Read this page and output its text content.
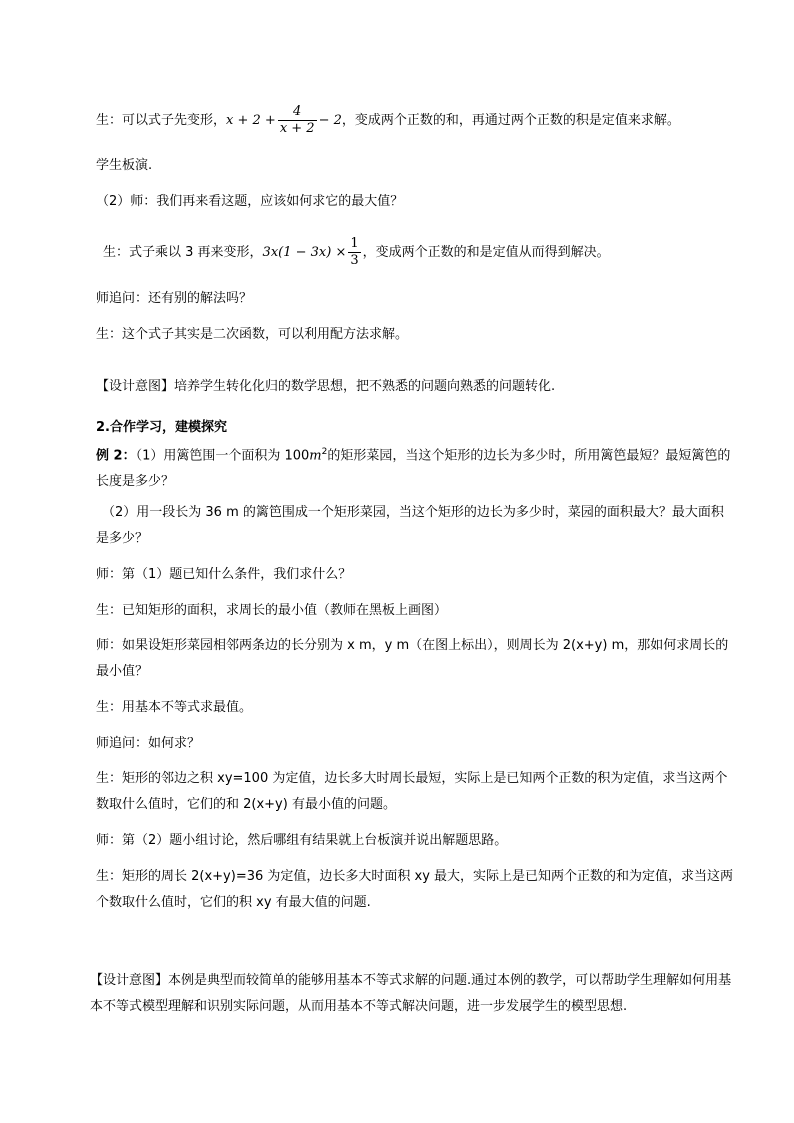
生：可以式子先变形，$x + 2 + \frac{4}{x + 2} - 2$，变成两个正数的和，再通过两个正数的积是定值来求解。
学生板演.
（2）师：我们再来看这题，应该如何求它的最大值？
生：式子乘以 3 再来变形，$3x(1 - 3x) \times \frac{1}{3}$ ，变成两个正数的和是定值从而得到解决。
师追问：还有别的解法吗？
生：这个式子其实是二次函数，可以利用配方法求解。
【设计意图】培养学生转化化归的数学思想，把不熟悉的问题向熟悉的问题转化.
2.合作学习，建模探究
例 2：（1）用篱笆围一个面积为 $100m^2$的矩形菜园，当这个矩形的边长为多少时，所用篱笆最短？最短篱笆的长度是多少？
（2）用一段长为 36 m 的篱笆围成一个矩形菜园，当这个矩形的边长为多少时，菜园的面积最大？最大面积是多少？
师：第（1）题已知什么条件，我们求什么？
生：已知矩形的面积，求周长的最小值（教师在黑板上画图）
师：如果设矩形菜园相邻两条边的长分别为 x m，y m（在图上标出），则周长为 2(x+y) m，那如何求周长的最小值？
生：用基本不等式求最值。
师追问：如何求？
生：矩形的邻边之积 xy=100 为定值，边长多大时周长最短，实际上是已知两个正数的积为定值，求当这两个数取什么值时，它们的和 2(x+y) 有最小值的问题。
师：第（2）题小组讨论，然后哪组有结果就上台板演并说出解题思路。
生：矩形的周长 2(x+y)=36 为定值，边长多大时面积 xy 最大，实际上是已知两个正数的和为定值，求当这两个数取什么值时，它们的积 xy 有最大值的问题.
【设计意图】本例是典型而较简单的能够用基本不等式求解的问题.通过本例的教学，可以帮助学生理解如何用基本不等式模型理解和识别实际问题，从而用基本不等式解决问题，进一步发展学生的模型思想.
